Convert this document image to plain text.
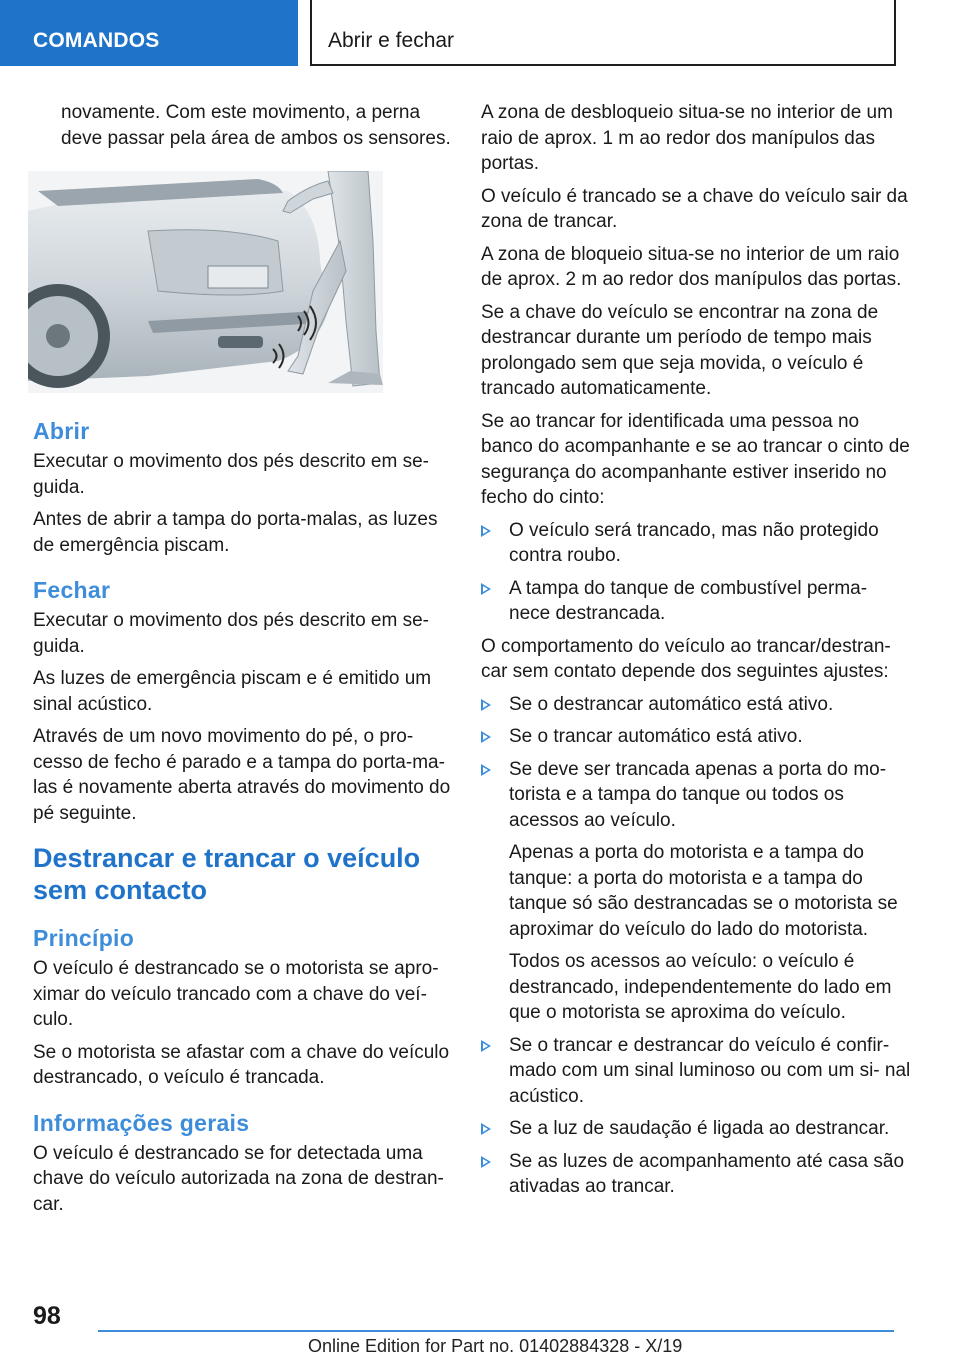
COMANDOS	Abrir e fechar

novamente. Com este movimento, a perna deve passar pela área de ambos os sensores.

Abrir

Executar o movimento dos pés descrito em se- guida.

Antes de abrir a tampa do porta-malas, as luzes de emergência piscam.

Fechar

Executar o movimento dos pés descrito em se- guida.

As luzes de emergência piscam e é emitido um sinal acústico.

Através de um novo movimento do pé, o pro- cesso de fecho é parado e a tampa do porta-ma- las é novamente aberta através do movimento do pé seguinte.

Destrancar e trancar o veículo sem contacto
Princípio

O veículo é destrancado se o motorista se apro- ximar do veículo trancado com a chave do veí- culo.

Se o motorista se afastar com a chave do veículo destrancado, o veículo é trancada.

Informações gerais

O veículo é destrancado se for detectada uma chave do veículo autorizada na zona de destran- car.

A zona de desbloqueio situa-se no interior de um raio de aprox. 1 m ao redor dos manípulos das portas.

O veículo é trancado se a chave do veículo sair da zona de trancar.

A zona de bloqueio situa-se no interior de um raio de aprox. 2 m ao redor dos manípulos das portas.

Se a chave do veículo se encontrar na zona de destrancar durante um período de tempo mais prolongado sem que seja movida, o veículo é trancado automaticamente.

Se ao trancar for identificada uma pessoa no banco do acompanhante e se ao trancar o cinto de segurança do acompanhante estiver inserido no fecho do cinto:

O veículo será trancado, mas não protegido contra roubo.
A tampa do tanque de combustível perma- nece destrancada.

O comportamento do veículo ao trancar/destran- car sem contato depende dos seguintes ajustes:

Se o destrancar automático está ativo.
Se o trancar automático está ativo.
Se deve ser trancada apenas a porta do mo- torista e a tampa do tanque ou todos os acessos ao veículo.

Apenas a porta do motorista e a tampa do tanque: a porta do motorista e a tampa do tanque só são destrancadas se o motorista se aproximar do veículo do lado do motorista.

Todos os acessos ao veículo: o veículo é destrancado, independentemente do lado em que o motorista se aproxima do veículo.

Se o trancar e destrancar do veículo é confir- mado com um sinal luminoso ou com um si- nal acústico.
Se a luz de saudação é ligada ao destrancar.
Se as luzes de acompanhamento até casa são ativadas ao trancar.
98
Online Edition for Part no. 01402884328 - X/19
